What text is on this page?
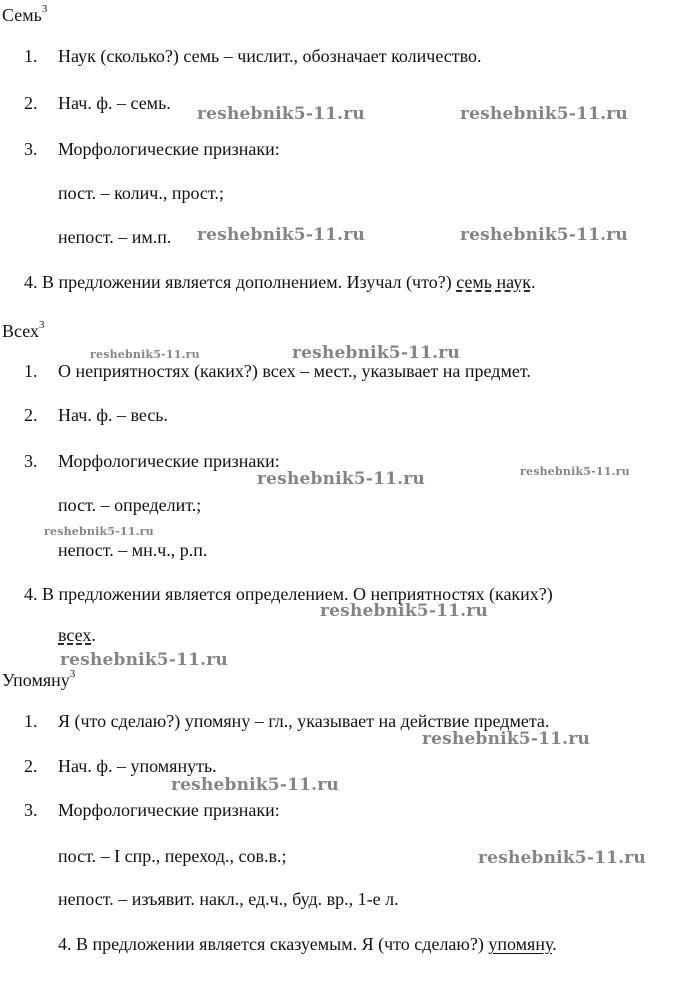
Семь$^3$
1. Наук (сколько?) семь – числит., обозначает количество.
2. Нач. ф. – семь.
3. Морфологические признаки:
пост. – колич., прост.;
непост. – им.п.
4. В предложении является дополнением. Изучал (что?) семь наук.
Всех$^3$
1. О неприятностях (каких?) всех – мест., указывает на предмет.
2. Нач. ф. – весь.
3. Морфологические признаки:
пост. – определит.;
непост. – мн.ч., р.п.
4. В предложении является определением. О неприятностях (каких?)
всех.
Упомяну$^3$
1. Я (что сделаю?) упомяну – гл., указывает на действие предмета.
2. Нач. ф. – упомянуть.
3. Морфологические признаки:
пост. – I спр., переход., сов.в.;
непост. – изъявит. накл., ед.ч., буд. вр., 1-е л.
4. В предложении является сказуемым. Я (что сделаю?) упомяну.
reshebnik5-11.ru	reshebnik5-11.ru
reshebnik5-11.ru	reshebnik5-11.ru
reshebnik5-11.ru	reshebnik5-11.ru
reshebnik5-11.ru	reshebnik5-11.ru
reshebnik5-11.ru
reshebnik5-11.ru
reshebnik5-11.ru
reshebnik5-11.ru
reshebnik5-11.ru
reshebnik5-11.ru
